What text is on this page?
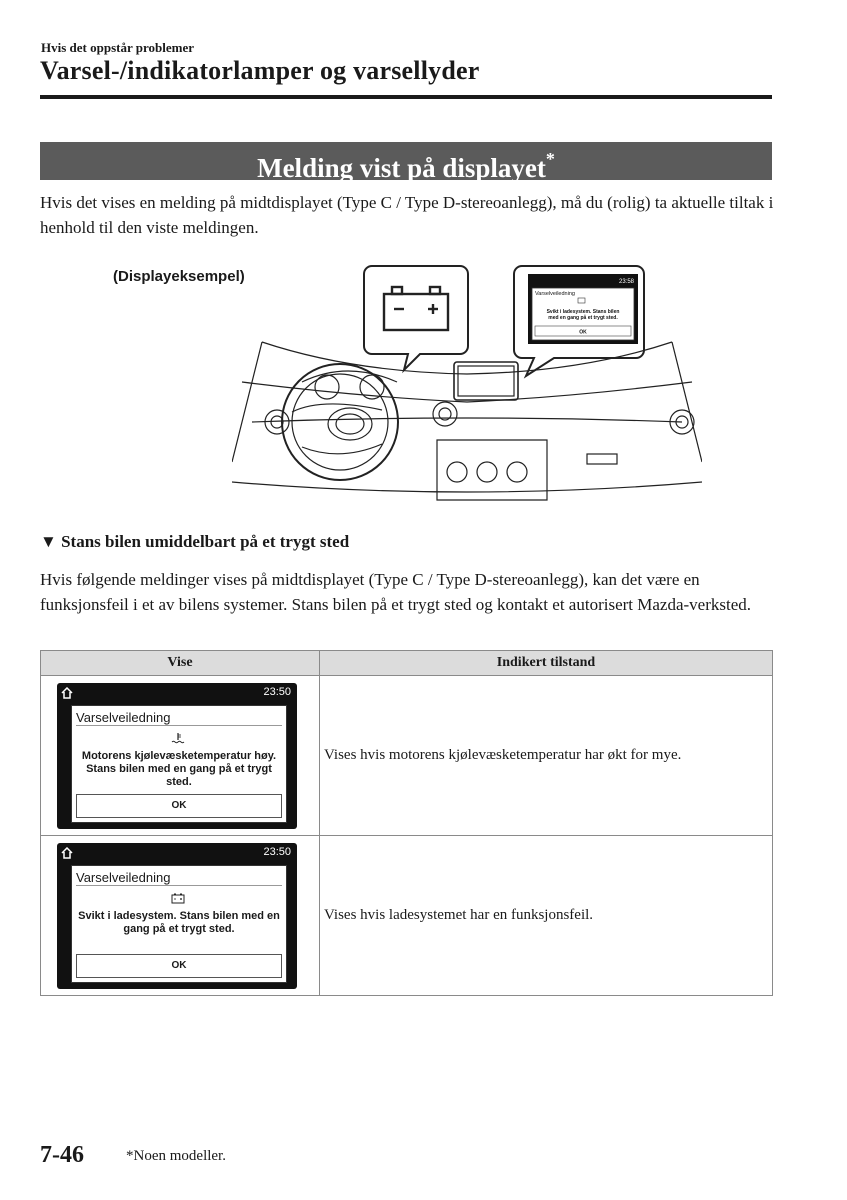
Hvis det oppstår problemer
Varsel-/indikatorlamper og varsellyder
Melding vist på displayet*
Hvis det vises en melding på midtdisplayet (Type C / Type D-stereoanlegg), må du (rolig) ta aktuelle tiltak i henhold til den viste meldingen.
(Displayeksempel)	23:58
Varselveiledning
Svikt i ladesystem. Stans bilen
med en gang på et trygt sted.
OK
▼ Stans bilen umiddelbart på et trygt sted
Hvis følgende meldinger vises på midtdisplayet (Type C / Type D-stereoanlegg), kan det være en funksjonsfeil i et av bilens systemer. Stans bilen på et trygt sted og kontakt et autorisert Mazda-verksted.
Vise	Indikert tilstand

23:50
Varselveiledning
Motorens kjølevæsketemperatur høy. Stans bilen med en gang på et trygt sted.
OK	Vises hvis motorens kjølevæsketemperatur har økt for mye.

23:50
Varselveiledning
Svikt i ladesystem. Stans bilen med en gang på et trygt sted.
OK	Vises hvis ladesystemet har en funksjonsfeil.
7-46	*Noen modeller.
